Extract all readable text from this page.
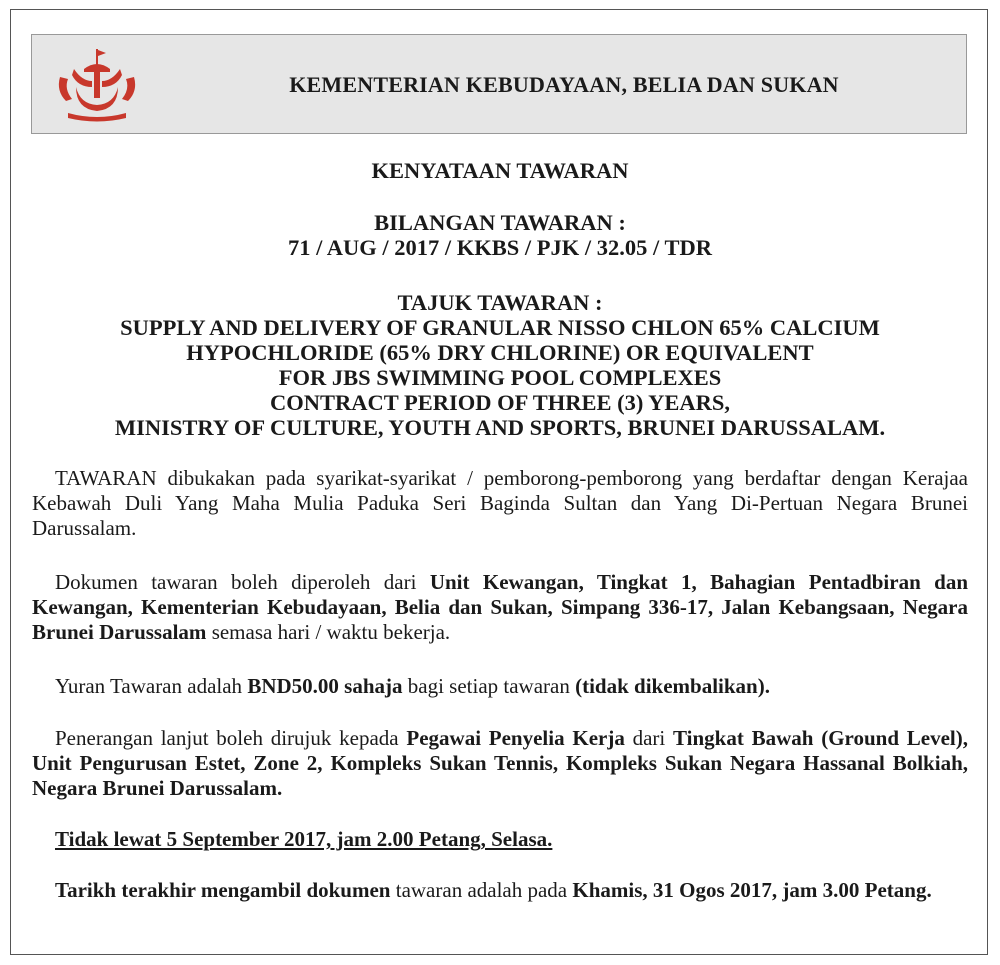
KEMENTERIAN KEBUDAYAAN, BELIA DAN SUKAN

KENYATAAN TAWARAN

BILANGAN TAWARAN :
71 / AUG / 2017 / KKBS / PJK / 32.05 / TDR

TAJUK TAWARAN :
SUPPLY AND DELIVERY OF GRANULAR NISSO CHLON 65% CALCIUM
HYPOCHLORIDE (65% DRY CHLORINE) OR EQUIVALENT
FOR JBS SWIMMING POOL COMPLEXES
CONTRACT PERIOD OF THREE (3) YEARS,
MINISTRY OF CULTURE, YOUTH AND SPORTS, BRUNEI DARUSSALAM.

TAWARAN dibukakan pada syarikat-syarikat / pemborong-pemborong yang berdaftar dengan Kerajaa Kebawah Duli Yang Maha Mulia Paduka Seri Baginda Sultan dan Yang Di-Pertuan Negara Brunei Darussalam.

Dokumen tawaran boleh diperoleh dari Unit Kewangan, Tingkat 1, Bahagian Pentadbiran dan Kewangan, Kementerian Kebudayaan, Belia dan Sukan, Simpang 336-17, Jalan Kebangsaan, Negara Brunei Darussalam semasa hari / waktu bekerja.

Yuran Tawaran adalah BND50.00 sahaja bagi setiap tawaran (tidak dikembalikan).

Penerangan lanjut boleh dirujuk kepada Pegawai Penyelia Kerja dari Tingkat Bawah (Ground Level), Unit Pengurusan Estet, Zone 2, Kompleks Sukan Tennis, Kompleks Sukan Negara Hassanal Bolkiah, Negara Brunei Darussalam.

Tidak lewat 5 September 2017, jam 2.00 Petang, Selasa.

Tarikh terakhir mengambil dokumen tawaran adalah pada Khamis, 31 Ogos 2017, jam 3.00 Petang.
